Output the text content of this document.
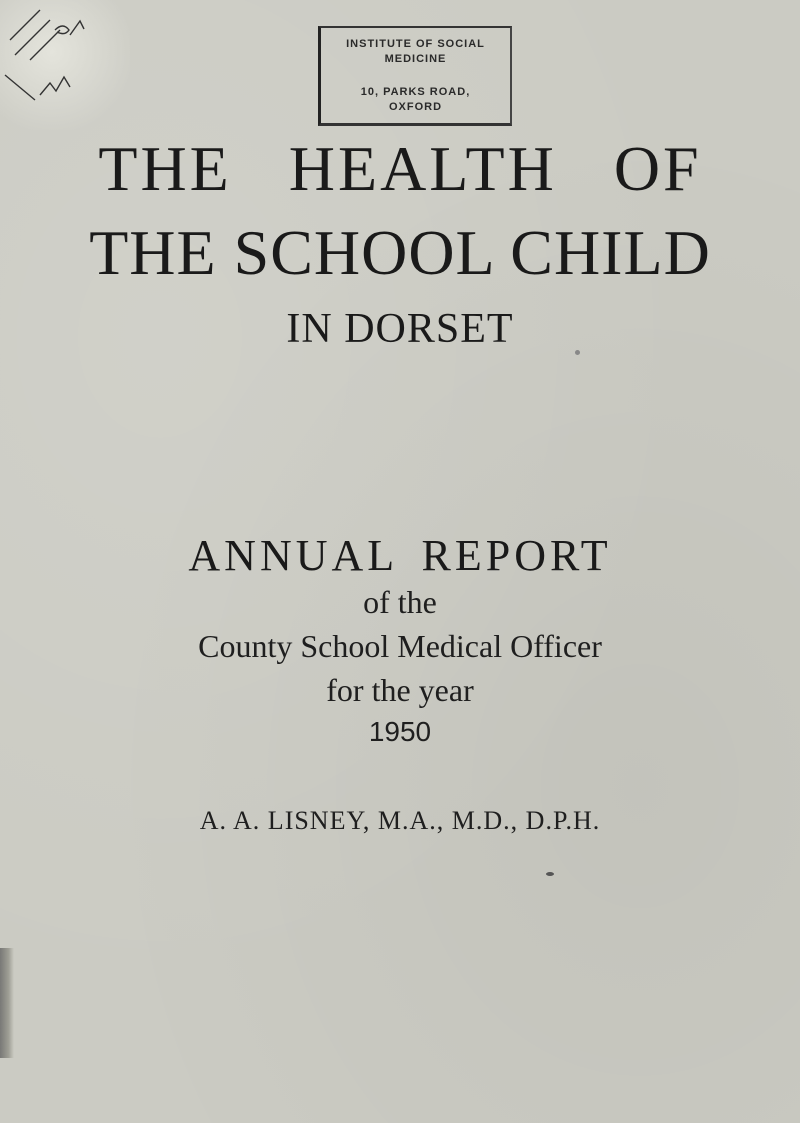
INSTITUTE OF SOCIAL
MEDICINE
10, PARKS ROAD,
OXFORD
THE HEALTH OF
THE SCHOOL CHILD
IN DORSET
ANNUAL REPORT
of the
County School Medical Officer
for the year
1950
A. A. LISNEY, M.A., M.D., D.P.H.
